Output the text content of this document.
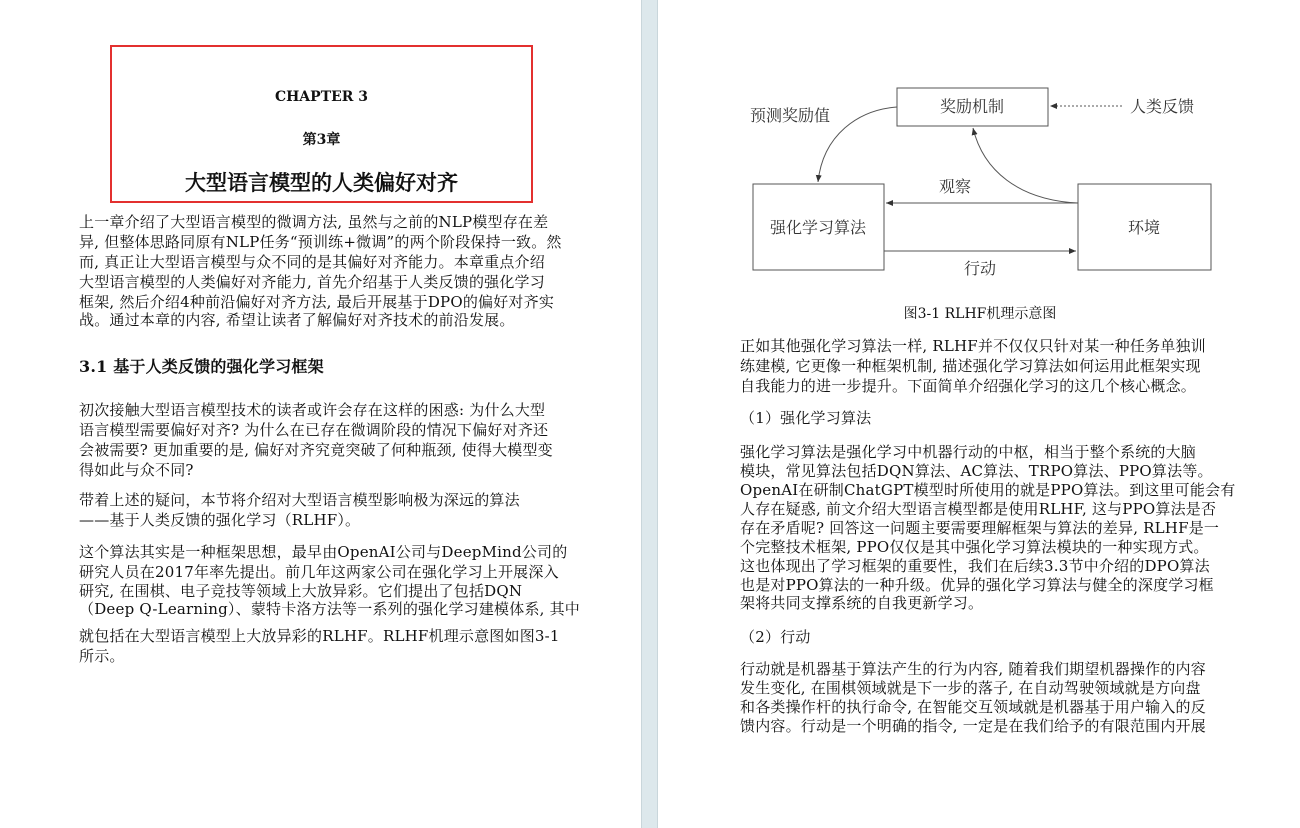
CHAPTER 3
第3章
大型语言模型的人类偏好对齐
上一章介绍了大型语言模型的微调方法, 虽然与之前的NLP模型存在差
异, 但整体思路同原有NLP任务“预训练+微调”的两个阶段保持一致。然
而, 真正让大型语言模型与众不同的是其偏好对齐能力。本章重点介绍
大型语言模型的人类偏好对齐能力, 首先介绍基于人类反馈的强化学习
框架, 然后介绍4种前沿偏好对齐方法, 最后开展基于DPO的偏好对齐实
战。通过本章的内容, 希望让读者了解偏好对齐技术的前沿发展。
3.1 基于人类反馈的强化学习框架
初次接触大型语言模型技术的读者或许会存在这样的困惑: 为什么大型
语言模型需要偏好对齐? 为什么在已存在微调阶段的情况下偏好对齐还
会被需要? 更加重要的是, 偏好对齐究竟突破了何种瓶颈, 使得大模型变
得如此与众不同?
带着上述的疑问，本节将介绍对大型语言模型影响极为深远的算法
——基于人类反馈的强化学习（RLHF）。
这个算法其实是一种框架思想，最早由OpenAI公司与DeepMind公司的
研究人员在2017年率先提出。前几年这两家公司在强化学习上开展深入
研究, 在围棋、电子竞技等领域上大放异彩。它们提出了包括DQN
（Deep Q-Learning）、蒙特卡洛方法等一系列的强化学习建模体系, 其中
就包括在大型语言模型上大放异彩的RLHF。RLHF机理示意图如图3-1
所示。
奖励机制
强化学习算法	环境
预测奖励值	人类反馈
观察
行动
图3-1 RLHF机理示意图
正如其他强化学习算法一样, RLHF并不仅仅只针对某一种任务单独训
练建模, 它更像一种框架机制, 描述强化学习算法如何运用此框架实现
自我能力的进一步提升。下面简单介绍强化学习的这几个核心概念。
（1）强化学习算法
强化学习算法是强化学习中机器行动的中枢，相当于整个系统的大脑
模块，常见算法包括DQN算法、AC算法、TRPO算法、PPO算法等。
OpenAI在研制ChatGPT模型时所使用的就是PPO算法。到这里可能会有
人存在疑惑, 前文介绍大型语言模型都是使用RLHF, 这与PPO算法是否
存在矛盾呢? 回答这一问题主要需要理解框架与算法的差异, RLHF是一
个完整技术框架, PPO仅仅是其中强化学习算法模块的一种实现方式。
这也体现出了学习框架的重要性，我们在后续3.3节中介绍的DPO算法
也是对PPO算法的一种升级。优异的强化学习算法与健全的深度学习框
架将共同支撑系统的自我更新学习。
（2）行动
行动就是机器基于算法产生的行为内容, 随着我们期望机器操作的内容
发生变化, 在围棋领域就是下一步的落子, 在自动驾驶领域就是方向盘
和各类操作杆的执行命令, 在智能交互领域就是机器基于用户输入的反
馈内容。行动是一个明确的指令, 一定是在我们给予的有限范围内开展
